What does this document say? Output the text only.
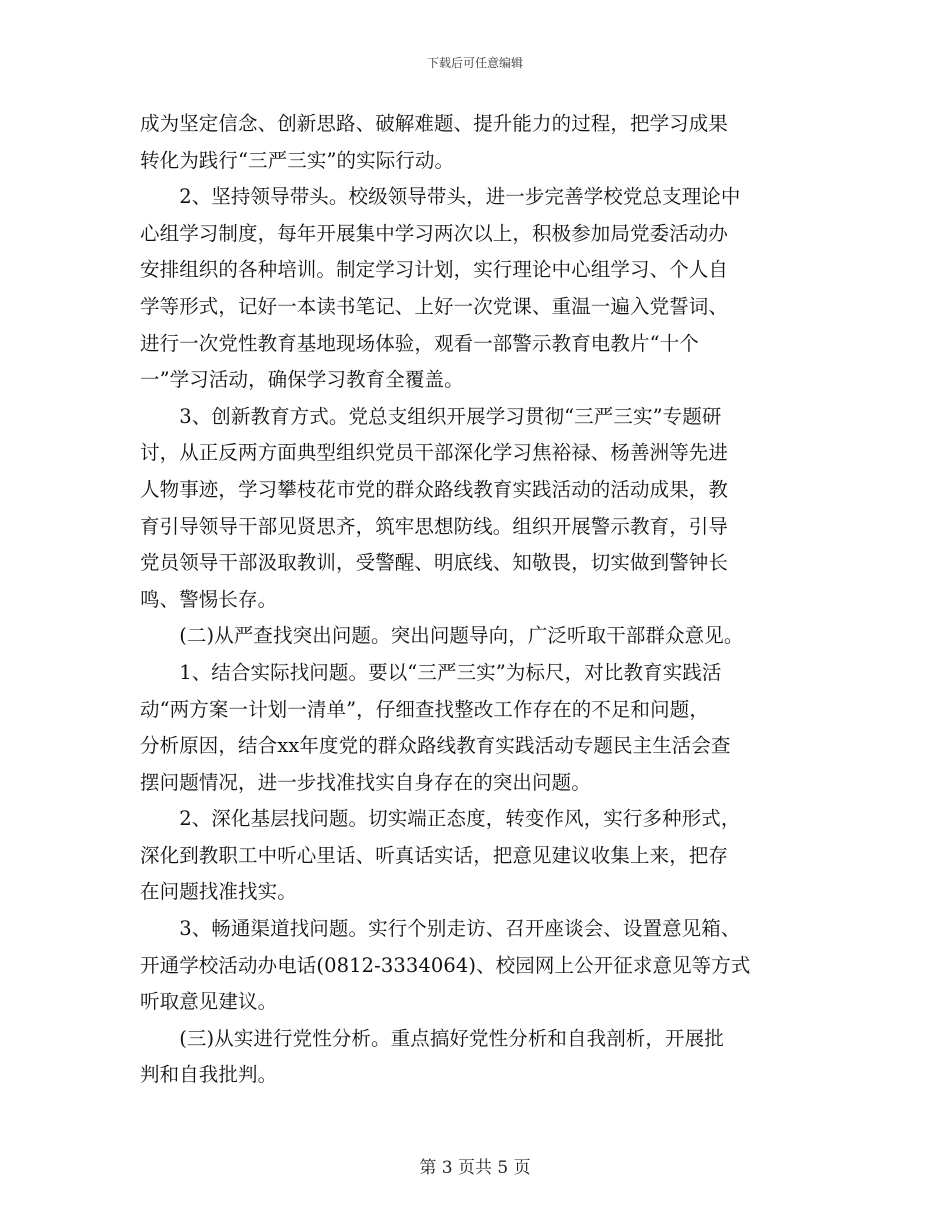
下载后可任意编辑

成为坚定信念、创新思路、破解难题、提升能力的过程，把学习成果
转化为践行“三严三实”的实际行动。
　　2、坚持领导带头。校级领导带头，进一步完善学校党总支理论中
心组学习制度，每年开展集中学习两次以上，积极参加局党委活动办
安排组织的各种培训。制定学习计划，实行理论中心组学习、个人自
学等形式，记好一本读书笔记、上好一次党课、重温一遍入党誓词、
进行一次党性教育基地现场体验，观看一部警示教育电教片“十个
一”学习活动，确保学习教育全覆盖。
　　3、创新教育方式。党总支组织开展学习贯彻“三严三实”专题研
讨，从正反两方面典型组织党员干部深化学习焦裕禄、杨善洲等先进
人物事迹，学习攀枝花市党的群众路线教育实践活动的活动成果，教
育引导领导干部见贤思齐，筑牢思想防线。组织开展警示教育，引导
党员领导干部汲取教训，受警醒、明底线、知敬畏，切实做到警钟长
鸣、警惕长存。
　　(二)从严查找突出问题。突出问题导向，广泛听取干部群众意见。
　　1、结合实际找问题。要以“三严三实”为标尺，对比教育实践活
动“两方案一计划一清单”，仔细查找整改工作存在的不足和问题，
分析原因，结合xx年度党的群众路线教育实践活动专题民主生活会查
摆问题情况，进一步找准找实自身存在的突出问题。
　　2、深化基层找问题。切实端正态度，转变作风，实行多种形式，
深化到教职工中听心里话、听真话实话，把意见建议收集上来，把存
在问题找准找实。
　　3、畅通渠道找问题。实行个别走访、召开座谈会、设置意见箱、
开通学校活动办电话(0812-3334064)、校园网上公开征求意见等方式
听取意见建议。
　　(三)从实进行党性分析。重点搞好党性分析和自我剖析，开展批
判和自我批判。

第 3 页共 5 页
